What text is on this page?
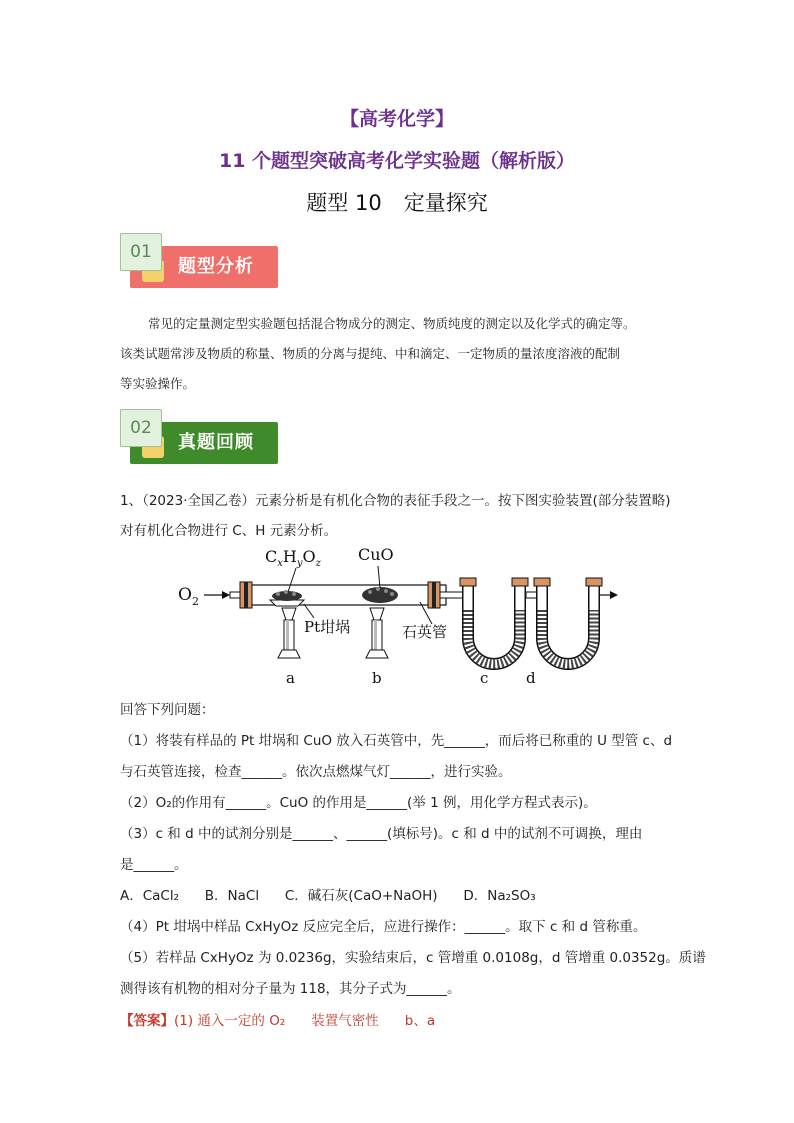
【高考化学】
11 个题型突破高考化学实验题（解析版）
题型 10 定量探究
01
题型分析
常见的定量测定型实验题包括混合物成分的测定、物质纯度的测定以及化学式的确定等。
该类试题常涉及物质的称量、物质的分离与提纯、中和滴定、一定物质的量浓度溶液的配制
等实验操作。
02
真题回顾
1、（2023·全国乙卷）元素分析是有机化合物的表征手段之一。按下图实验装置(部分装置略)
对有机化合物进行 C、H 元素分析。
$O_2$
$C_xH_yO_z$ CuO
Pt坩埚	石英管
a	b	c	d
回答下列问题：
（1）将装有样品的 Pt 坩埚和 CuO 放入石英管中，先______，而后将已称重的 U 型管 c、d
与石英管连接，检查______。依次点燃煤气灯______，进行实验。
（2）O₂的作用有______。CuO 的作用是______(举 1 例，用化学方程式表示)。
（3）c 和 d 中的试剂分别是______、______(填标号)。c 和 d 中的试剂不可调换，理由
是______。
A．CaCl₂      B．NaCl      C．碱石灰(CaO+NaOH)      D．Na₂SO₃
（4）Pt 坩埚中样品 CxHyOz 反应完全后，应进行操作：______。取下 c 和 d 管称重。
（5）若样品 CxHyOz 为 0.0236g，实验结束后，c 管增重 0.0108g，d 管增重 0.0352g。质谱
测得该有机物的相对分子量为 118，其分子式为______。
【答案】(1) 通入一定的 O₂ 装置气密性 b、a
